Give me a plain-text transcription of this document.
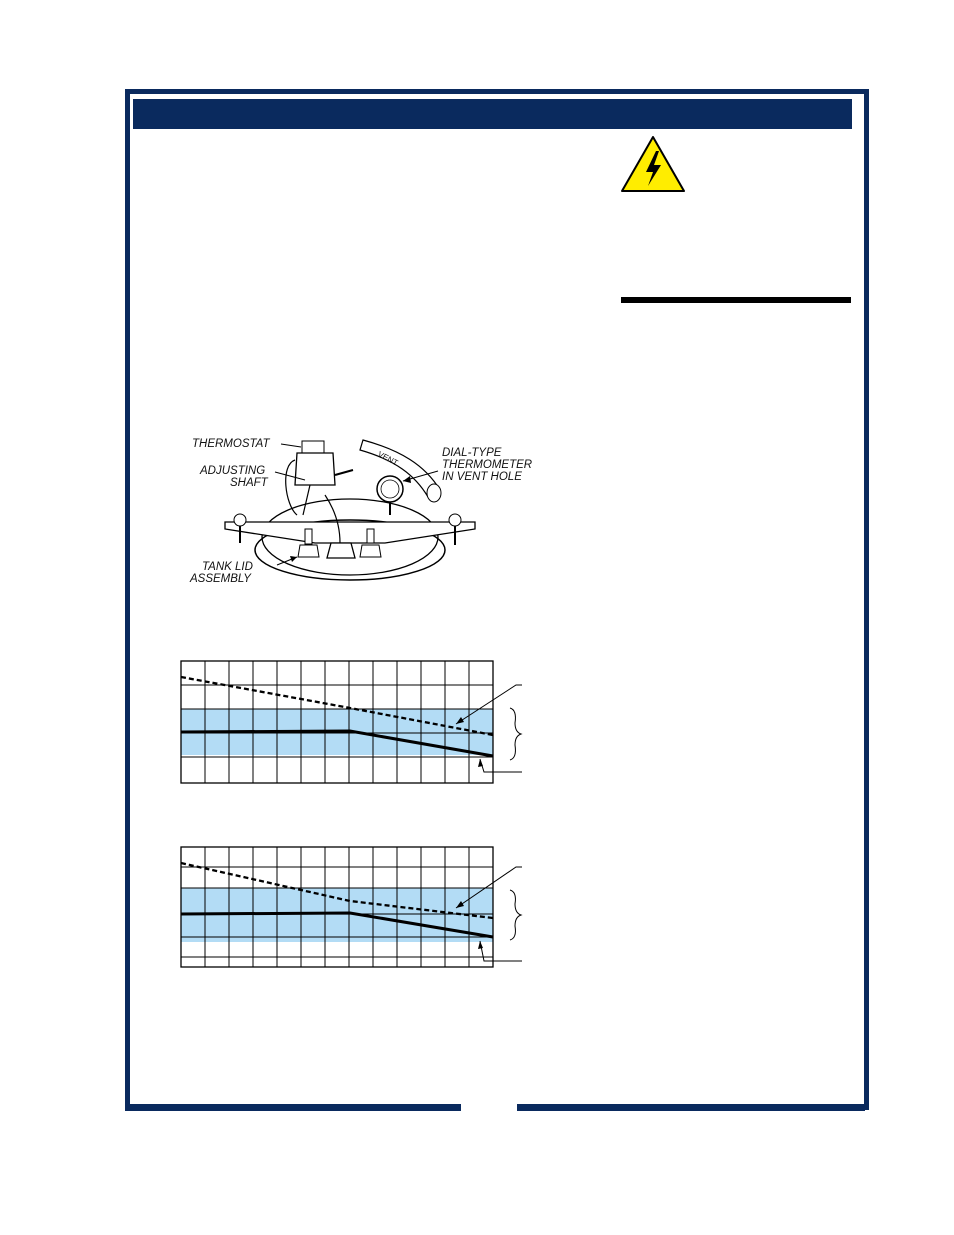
THERMOSTAT
ADJUSTING
SHAFT
DIAL-TYPE
THERMOMETER
IN VENT HOLE
VENT
TANK LID
ASSEMBLY
